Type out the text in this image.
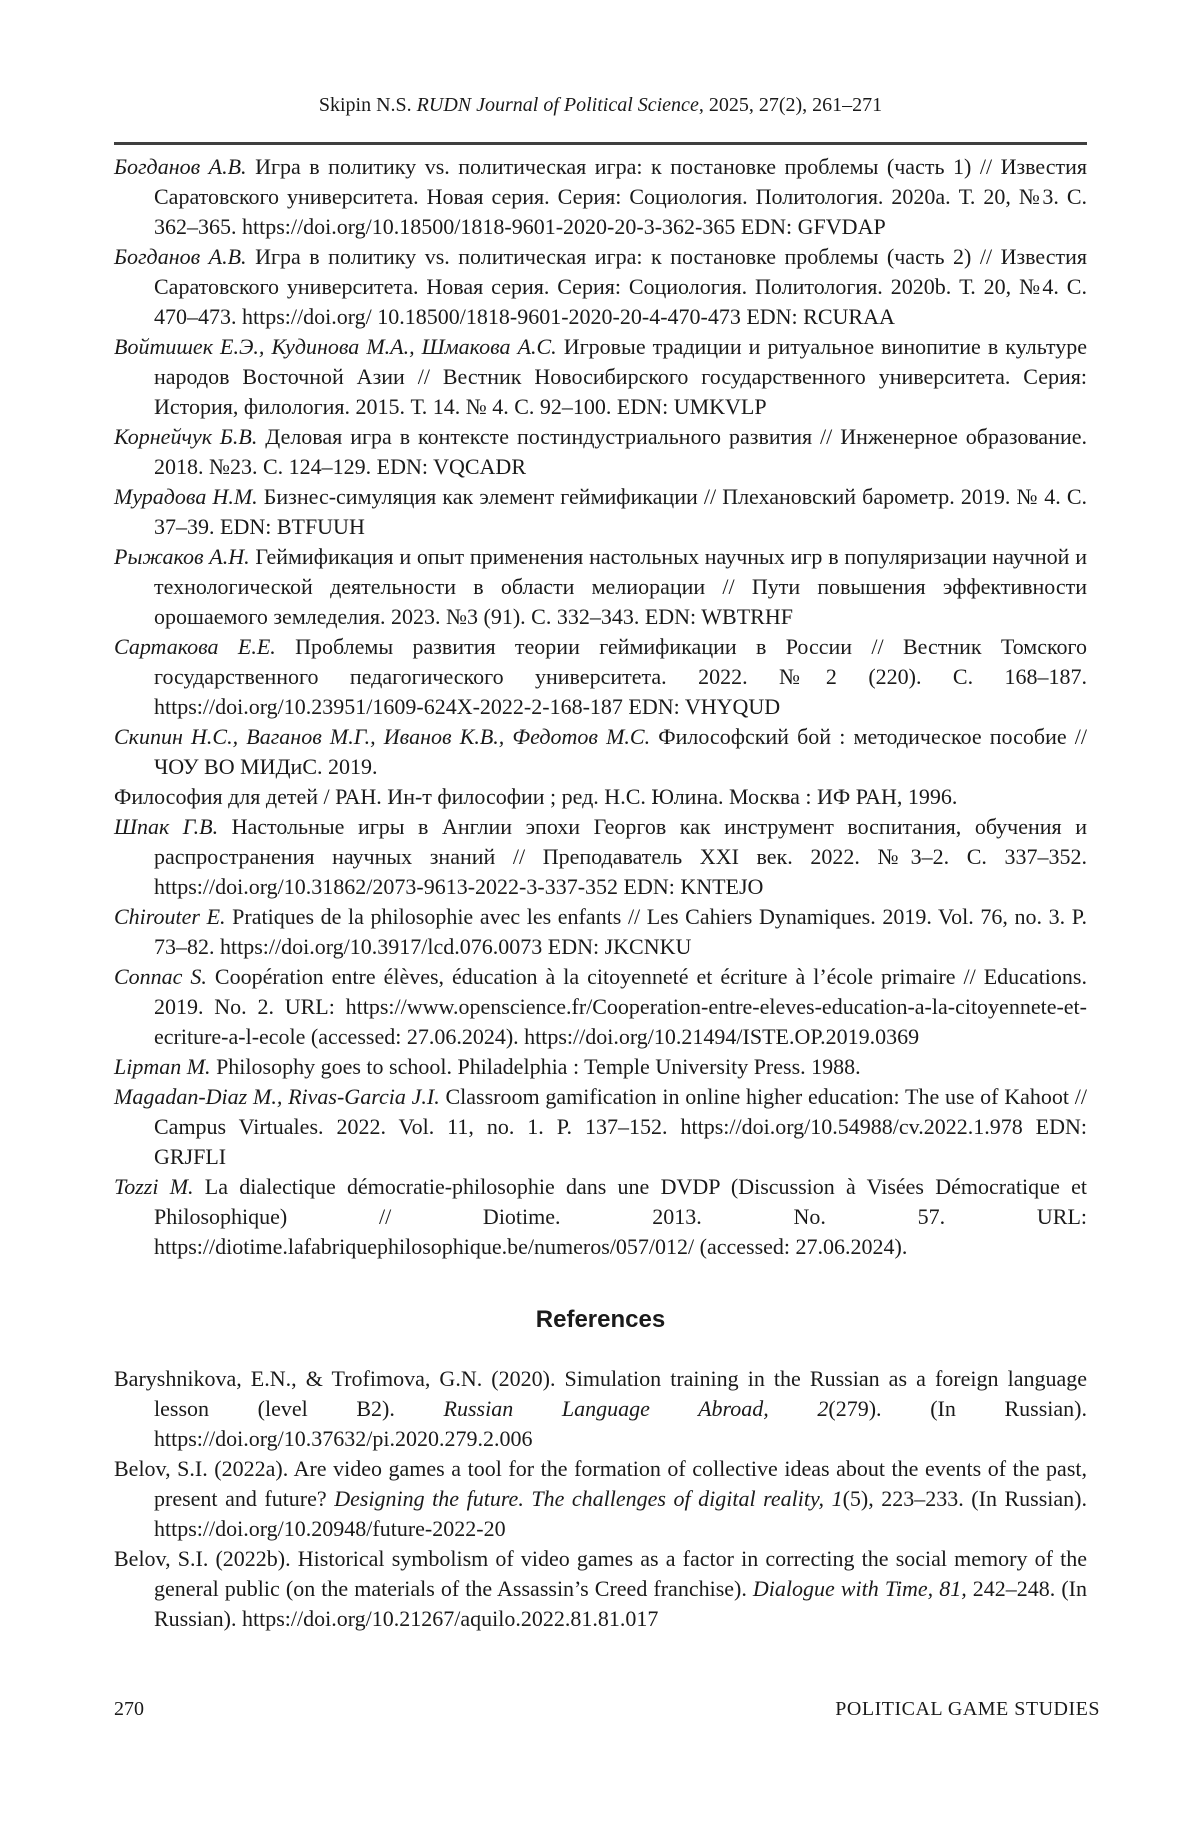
Skipin N.S. RUDN Journal of Political Science, 2025, 27(2), 261–271

Богданов А.В. Игра в политику vs. политическая игра: к постановке проблемы (часть 1) // Известия Саратовского университета. Новая серия. Серия: Социология. Политология. 2020a. Т. 20, №3. С. 362–365. https://doi.org/10.18500/1818-9601-2020-20-3-362-365 EDN: GFVDAP

Богданов А.В. Игра в политику vs. политическая игра: к постановке проблемы (часть 2) // Известия Саратовского университета. Новая серия. Серия: Социология. Политология. 2020b. Т. 20, №4. С. 470–473. https://doi.org/ 10.18500/1818-9601-2020-20-4-470-473 EDN: RCURAA

Войтишек Е.Э., Кудинова М.А., Шмакова А.С. Игровые традиции и ритуальное винопитие в культуре народов Восточной Азии // Вестник Новосибирского государственного университета. Серия: История, филология. 2015. Т. 14. № 4. С. 92–100. EDN: UMKVLP

Корнейчук Б.В. Деловая игра в контексте постиндустриального развития // Инженерное образование. 2018. №23. С. 124–129. EDN: VQCADR

Мурадова Н.М. Бизнес-симуляция как элемент геймификации // Плехановский барометр. 2019. № 4. С. 37–39. EDN: BTFUUH

Рыжаков А.Н. Геймификация и опыт применения настольных научных игр в популяризации научной и технологической деятельности в области мелиорации // Пути повышения эффективности орошаемого земледелия. 2023. №3 (91). С. 332–343. EDN: WBTRHF

Сартакова Е.Е. Проблемы развития теории геймификации в России // Вестник Томского государственного педагогического университета. 2022. №2 (220). С. 168–187. https://doi.org/10.23951/1609-624X-2022-2-168-187 EDN: VHYQUD

Скипин Н.С., Ваганов М.Г., Иванов К.В., Федотов М.С. Философский бой : методическое пособие // ЧОУ ВО МИДиС. 2019.

Философия для детей / РАН. Ин-т философии ; ред. Н.С. Юлина. Москва : ИФ РАН, 1996.

Шпак Г.В. Настольные игры в Англии эпохи Георгов как инструмент воспитания, обучения и распространения научных знаний // Преподаватель XXI век. 2022. №3–2. С. 337–352. https://doi.org/10.31862/2073-9613-2022-3-337-352 EDN: KNTEJO

Chirouter E. Pratiques de la philosophie avec les enfants // Les Cahiers Dynamiques. 2019. Vol. 76, no. 3. P. 73–82. https://doi.org/10.3917/lcd.076.0073 EDN: JKCNKU

Connac S. Coopération entre élèves, éducation à la citoyenneté et écriture à l’école primaire // Educations. 2019. No. 2. URL: https://www.openscience.fr/Cooperation-entre-eleves-education-a-la-citoyennete-et-ecriture-a-l-ecole (accessed: 27.06.2024). https://doi.org/10.21494/ISTE.OP.2019.0369

Lipman M. Philosophy goes to school. Philadelphia : Temple University Press. 1988.

Magadan-Diaz M., Rivas-Garcia J.I. Classroom gamification in online higher education: The use of Kahoot // Campus Virtuales. 2022. Vol. 11, no. 1. P. 137–152. https://doi.org/10.54988/cv.2022.1.978 EDN: GRJFLI

Tozzi M. La dialectique démocratie-philosophie dans une DVDP (Discussion à Visées Démocratique et Philosophique) // Diotime. 2013. No. 57. URL: https://diotime.lafabriquephilosophique.be/numeros/057/012/ (accessed: 27.06.2024).

References

Baryshnikova, E.N., & Trofimova, G.N. (2020). Simulation training in the Russian as a foreign language lesson (level B2). Russian Language Abroad, 2(279). (In Russian). https://doi.org/10.37632/pi.2020.279.2.006

Belov, S.I. (2022a). Are video games a tool for the formation of collective ideas about the events of the past, present and future? Designing the future. The challenges of digital reality, 1(5), 223–233. (In Russian). https://doi.org/10.20948/future-2022-20

Belov, S.I. (2022b). Historical symbolism of video games as a factor in correcting the social memory of the general public (on the materials of the Assassin’s Creed franchise). Dialogue with Time, 81, 242–248. (In Russian). https://doi.org/10.21267/aquilo.2022.81.81.017

270	POLITICAL GAME STUDIES
